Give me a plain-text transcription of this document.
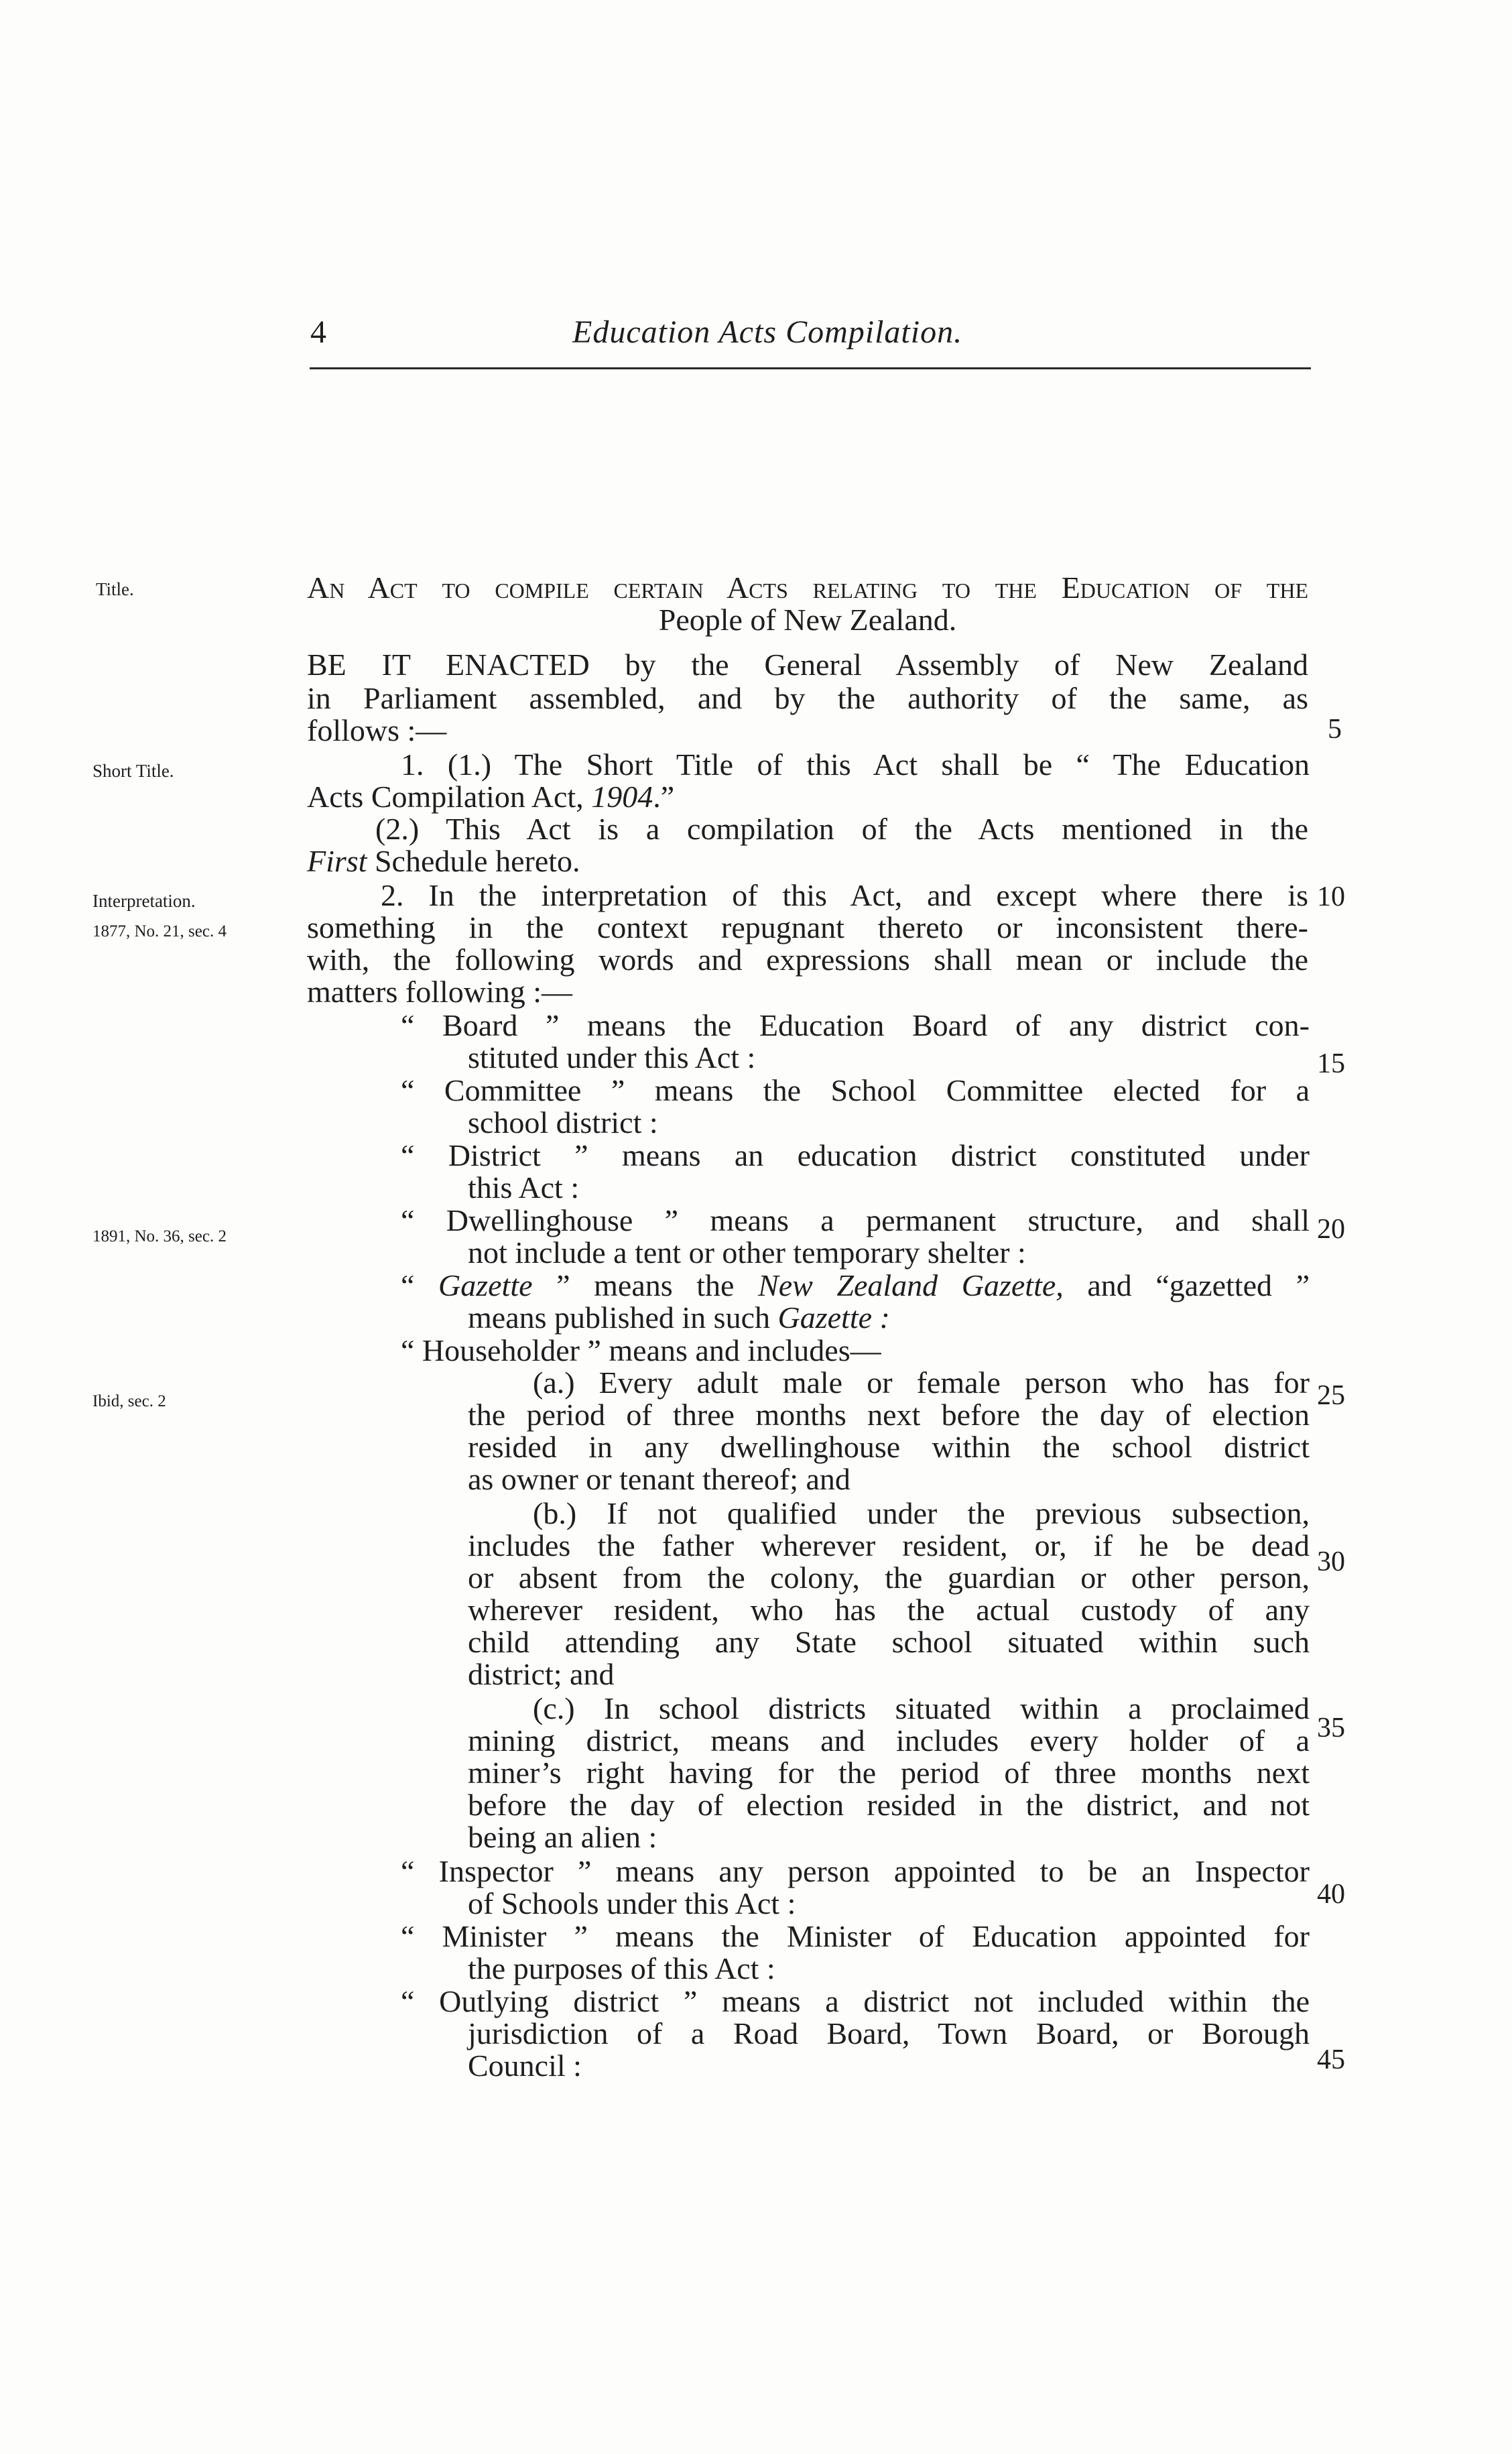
4	Education Acts Compilation.
Title.
Short Title.
Interpretation.
1877, No. 21, sec. 4
1891, No. 36, sec. 2
Ibid, sec. 2
5
10
15
20
25
30
35
40
45
An Act to compile certain Acts relating to the Education of the
People of New Zealand.
BE IT ENACTED by the General Assembly of New Zealand
in Parliament assembled, and by the authority of the same, as
follows :—
1. (1.) The Short Title of this Act shall be “ The Education
Acts Compilation Act, 1904.”
(2.) This Act is a compilation of the Acts mentioned in the
First Schedule hereto.
2. In the interpretation of this Act, and except where there is
something in the context repugnant thereto or inconsistent there-
with, the following words and expressions shall mean or include the
matters following :—
“ Board ” means the Education Board of any district con-
stituted under this Act :
“ Committee ” means the School Committee elected for a
school district :
“ District ” means an education district constituted under
this Act :
“ Dwellinghouse ” means a permanent structure, and shall
not include a tent or other temporary shelter :
“ Gazette ” means the New Zealand Gazette, and “gazetted ”
means published in such Gazette :
“ Householder ” means and includes—
(a.) Every adult male or female person who has for
the period of three months next before the day of election
resided in any dwellinghouse within the school district
as owner or tenant thereof; and
(b.) If not qualified under the previous subsection,
includes the father wherever resident, or, if he be dead
or absent from the colony, the guardian or other person,
wherever resident, who has the actual custody of any
child attending any State school situated within such
district; and
(c.) In school districts situated within a proclaimed
mining district, means and includes every holder of a
miner’s right having for the period of three months next
before the day of election resided in the district, and not
being an alien :
“ Inspector ” means any person appointed to be an Inspector
of Schools under this Act :
“ Minister ” means the Minister of Education appointed for
the purposes of this Act :
“ Outlying district ” means a district not included within the
jurisdiction of a Road Board, Town Board, or Borough
Council :
